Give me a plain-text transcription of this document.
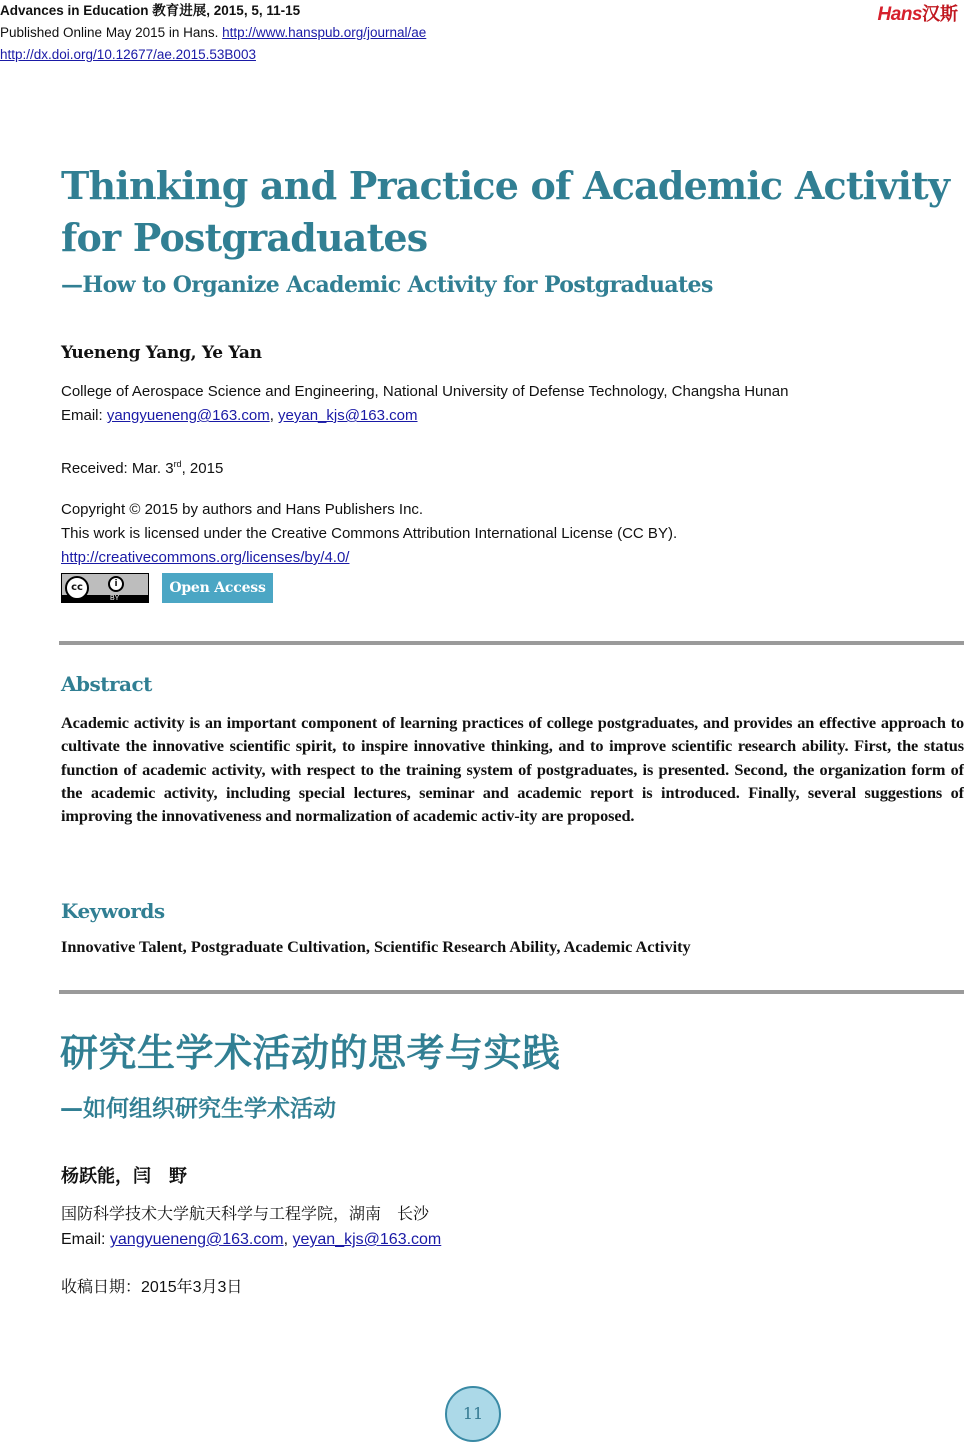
Advances in Education 教育进展, 2015, 5, 11-15
Published Online May 2015 in Hans. http://www.hanspub.org/journal/ae
http://dx.doi.org/10.12677/ae.2015.53B003
Hans汉斯
Thinking and Practice of Academic Activity for Postgraduates
—How to Organize Academic Activity for Postgraduates
Yueneng Yang, Ye Yan
College of Aerospace Science and Engineering, National University of Defense Technology, Changsha Hunan
Email: yangyueneng@163.com, yeyan_kjs@163.com
Received: Mar. 3rd, 2015
Copyright © 2015 by authors and Hans Publishers Inc.
This work is licensed under the Creative Commons Attribution International License (CC BY).
http://creativecommons.org/licenses/by/4.0/
cc	i
BY
Open Access
Abstract

Academic activity is an important component of learning practices of college postgraduates, and provides an effective approach to cultivate the innovative scientific spirit, to inspire innovative thinking, and to improve scientific research ability. First, the status function of academic activity, with respect to the training system of postgraduates, is presented. Second, the organization form of the academic activity, including special lectures, seminar and academic report is introduced. Finally, several suggestions of improving the innovativeness and normalization of academic activ-ity are proposed.

Keywords
Innovative Talent, Postgraduate Cultivation, Scientific Research Ability, Academic Activity
研究生学术活动的思考与实践
—如何组织研究生学术活动
杨跃能，闫　野
国防科学技术大学航天科学与工程学院，湖南　长沙
Email: yangyueneng@163.com, yeyan_kjs@163.com
收稿日期：2015年3月3日
11
